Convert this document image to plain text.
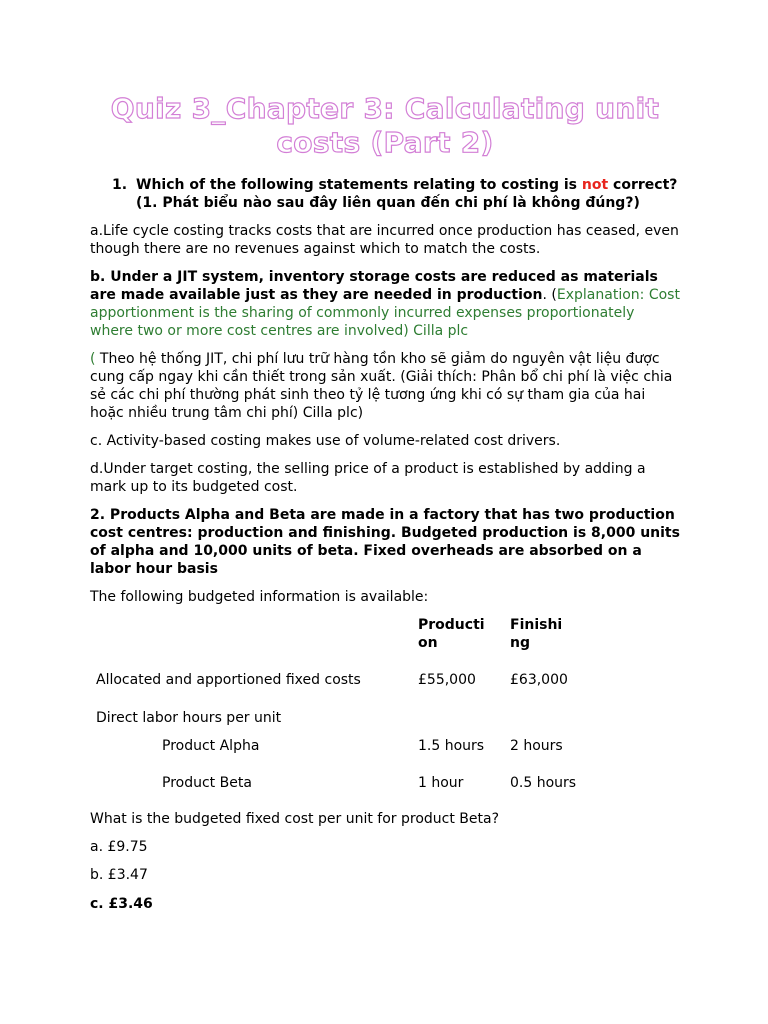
Quiz 3_Chapter 3: Calculating unit costs (Part 2)
1. Which of the following statements relating to costing is not correct?
(1. Phát biểu nào sau đây liên quan đến chi phí là không đúng?)
a.Life cycle costing tracks costs that are incurred once production has ceased, even though there are no revenues against which to match the costs.
b. Under a JIT system, inventory storage costs are reduced as materials are made available just as they are needed in production. (Explanation: Cost apportionment is the sharing of commonly incurred expenses proportionately where two or more cost centres are involved) Cilla plc
( Theo hệ thống JIT, chi phí lưu trữ hàng tồn kho sẽ giảm do nguyên vật liệu được cung cấp ngay khi cần thiết trong sản xuất. (Giải thích: Phân bổ chi phí là việc chia sẻ các chi phí thường phát sinh theo tỷ lệ tương ứng khi có sự tham gia của hai hoặc nhiều trung tâm chi phí) Cilla plc)
c. Activity-based costing makes use of volume-related cost drivers.
d.Under target costing, the selling price of a product is established by adding a mark up to its budgeted cost.
2. Products Alpha and Beta are made in a factory that has two production cost centres: production and finishing. Budgeted production is 8,000 units of alpha and 10,000 units of beta. Fixed overheads are absorbed on a labor hour basis
The following budgeted information is available:
	Producti on	Finishi ng
Allocated and apportioned fixed costs	£55,000	£63,000
Direct labor hours per unit		
Product Alpha	1.5 hours	2 hours
Product Beta	1 hour	0.5 hours
What is the budgeted fixed cost per unit for product Beta?
a. £9.75
b. £3.47
c. £3.46
